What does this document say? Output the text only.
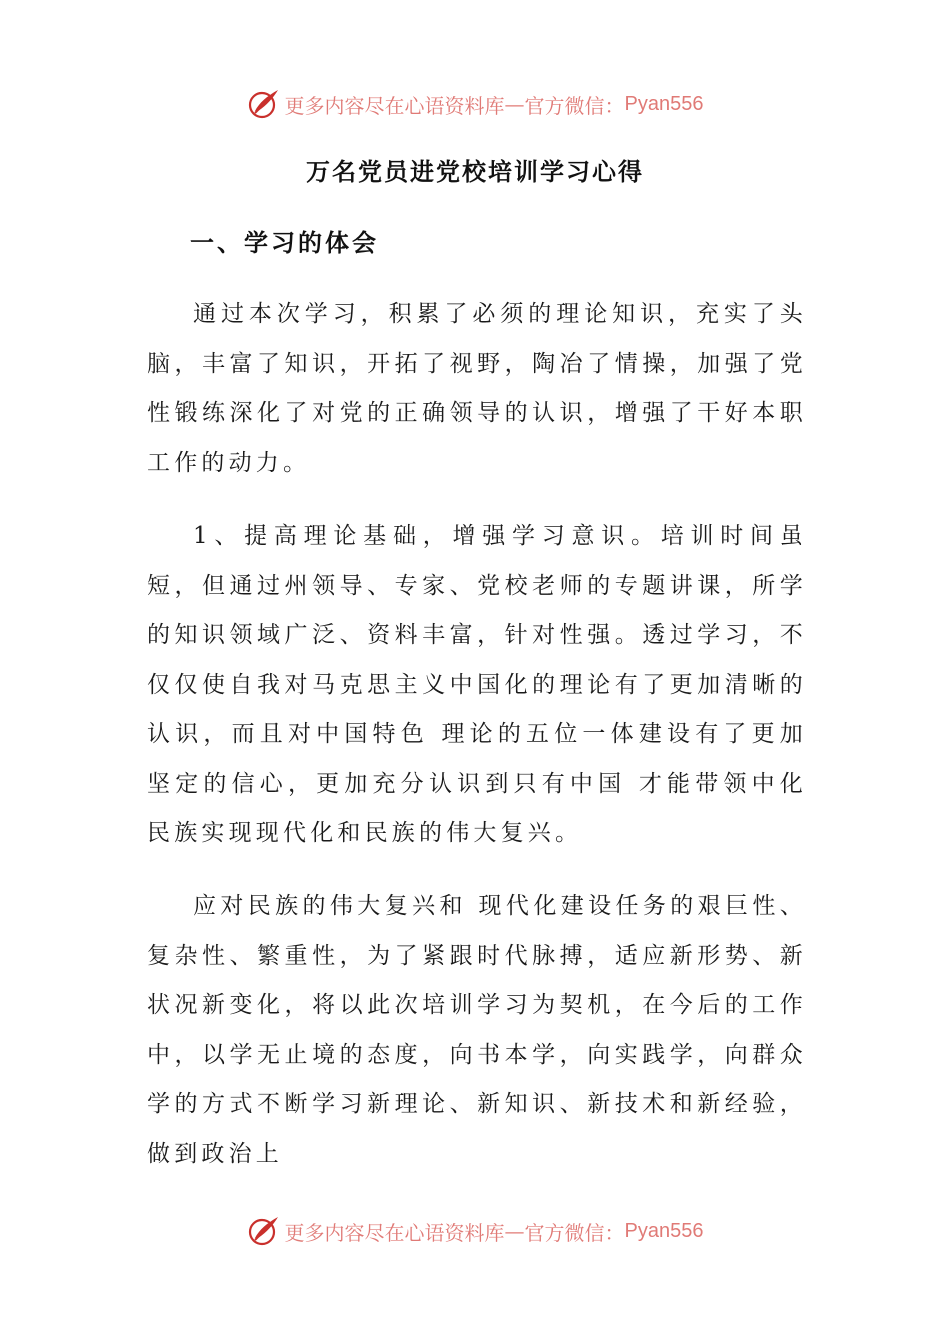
更多内容尽在心语资料库 — 官方微信： Pyan556
万名党员进党校培训学习心得
一、学习的体会

通过本次学习，积累了必须的理论知识，充实了头脑，丰富了知识，开拓了视野，陶冶了情操，加强了党性锻练深化了对党的正确领导的认识，增强了干好本职工作的动力。

1、提高理论基础，增强学习意识。培训时间虽短，但通过州领导、专家、党校老师的专题讲课，所学的知识领域广泛、资料丰富，针对性强。透过学习，不仅仅使自我对马克思主义中国化的理论有了更加清晰的认识，而且对中国特色 理论的五位一体建设有了更加坚定的信心，更加充分认识到只有中国 才能带领中化民族实现现代化和民族的伟大复兴。

应对民族的伟大复兴和 现代化建设任务的艰巨性、复杂性、繁重性，为了紧跟时代脉搏，适应新形势、新状况新变化，将以此次培训学习为契机，在今后的工作中，以学无止境的态度，向书本学，向实践学，向群众学的方式不断学习新理论、新知识、新技术和新经验，做到政治上

更多内容尽在心语资料库 — 官方微信： Pyan556
